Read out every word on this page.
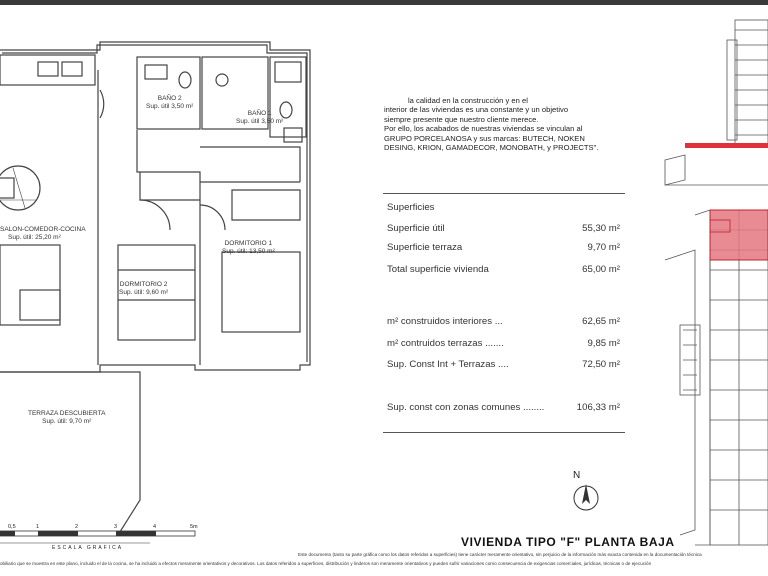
BAÑO 2
Sup. útil 3,50 m²
BAÑO 1
Sup. útil 3,50 m²
SALÓN-COMEDOR-COCINA
Sup. útil: 25,20 m²
DORMITORIO 1
Sup. útil: 13,50 m²
DORMITORIO 2
Sup. útil: 9,60 m²
TERRAZA DESCUBIERTA
Sup. útil: 9,70 m²
la calidad en la construcción y en el
interior de las viviendas es una constante y un objetivo
siempre presente que nuestro cliente merece.
Por ello, los acabados de nuestras viviendas se vinculan al
GRUPO PORCELANOSA y sus marcas: BUTECH, NOKEN
DESING, KRION, GAMADECOR, MONOBATH, y PROJECTS".
Superficies
Superficie útil	55,30 m²
Superficie terraza	9,70 m²
Total superficie vivienda	65,00 m²
m² construidos interiores ...	62,65 m²
m² contruidos terrazas .......	9,85 m²
Sup. Const Int + Terrazas ....	72,50 m²
Sup. const con zonas comunes ........	106,33 m²
N
VIVIENDA TIPO "F" PLANTA BAJA
0,5	1	2	3	4	5m
ESCALA GRAFICA
Este documento (tanto su parte gráfica como los datos referidos a superficies) tiene carácter meramente orientativo, sin perjuicio de la información más exacta contenida en la documentación técnica
obiliario que se muestra en este plano, incluido el de la cocina, se ha incluido a efectos meramente orientativos y decorativos. Los datos referidos a superficies, distribución y linderos son meramente orientativos y pueden sufrir variaciones como consecuencia de exigencias comerciales, jurídicas, técnicas o de ejecución
